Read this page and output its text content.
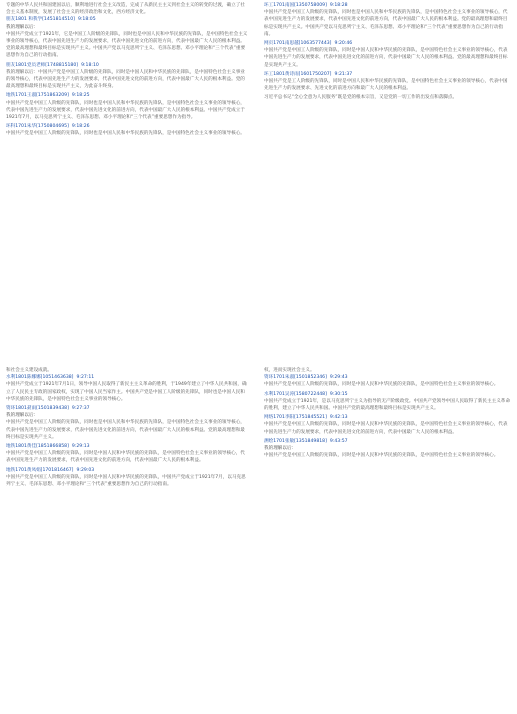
专题的中华人民共和国建国以后，顺利地进行社会主义改造，完成了从新民主主义到社会主义的转变的过渡，确立了社会主义基本制度，发展了社会主义的经济政治和文化，西方经济文化。
朋友1801 和我学[1451814510] 9:18:05
我的理解以后：
中国共产党成立于1921年，它是中国工人阶级的先锋队，同时也是中国人民和中华民族的先锋队，是中国特色社会主义事业的领导核心，代表中国先进生产力的发展要求，代表中国先进文化的前进方向，代表中国最广大人民的根本利益。党的最高理想和最终目标是实现共产主义。中国共产党以马克思列宁主义、毛泽东思想、邓小平理论和“三个代表”重要思想作为自己的行动指南。
朋友1801党员老师[1748815180] 9:18:10
我的理解以后：中国共产党是中国工人阶级的先锋队，同时是中国人民和中华民族的先锋队，是中国特色社会主义事业的领导核心，代表中国先进生产力的发展要求，代表中国先进文化的前进方向，代表中国最广大人民的根本利益。党的最高理想和最终目标是实现共产主义，为此奋斗终身。
地铁1701王淑[1751863209] 9:18:25
中国共产党是中国工人阶级的先锋队，同时也是中国人民和中华民族的先锋队，是中国特色社会主义事业的领导核心，代表中国先进生产力的发展要求，代表中国先进文化的前进方向，代表中国最广大人民的根本利益。中国共产党成立于1921年7月，以马克思列宁主义、毛泽东思想、邓小平理论和“三个代表”重要思想作为指导。
环科1701朱华[1750804695] 9:18:26
中国共产党是中国工人阶级的先锋队，同时也是中国人民和中华民族的先锋队，是中国特色社会主义事业的领导核心。
环工1701南国[1350758009] 9:18:28
中国共产党是中国工人阶级的先锋队，同时也是中国人民和中华民族的先锋队，是中国特色社会主义事业的领导核心，代表中国先进生产力的发展要求，代表中国先进文化的前进方向，代表中国最广大人民的根本利益。党的最高理想和最终目标是实现共产主义。中国共产党以马克思列宁主义、毛泽东思想、邓小平理论和“三个代表”重要思想作为自己的行动指南。
网页1701南思越[1063577443] 9:20:46
中国共产党是中国工人阶级的先锋队，同时是中国人民和中华民族的先锋队，是中国特色社会主义事业的领导核心，代表中国先进生产力的发展要求，代表中国先进文化的前进方向，代表中国最广大人民的根本利益。党的最高理想和最终目标是实现共产主义。
环工1801黄诗雨[1601750207] 9:21:37
中国共产党是工人阶级的先锋队，同时是中国人民和中华民族的先锋队，是中国特色社会主义事业的领导核心，代表中国先进生产力的发展要求、先进文化的前进方向和最广大人民的根本利益。
习近平总书记“全心全意为人民服务”既是党的根本宗旨，又是党的一切工作的出发点和落脚点。
和社会主义建设成就。
水利1801陈娜娜[1051463638] 9:27:11
中国共产党成立于1921年7月1日，领导中国人民取得了新民主主义革命的胜利，于1949年建立了中华人民共和国，确立了人民民主专政的国家政权，实现了中国人民当家作主。中国共产党是中国工人阶级的先锋队，同时也是中国人民和中华民族的先锋队，是中国特色社会主义事业的领导核心。
资环1801聂雨[1501839438] 9:27:37
我的理解以后：
中国共产党是中国工人阶级的先锋队，同时也是中国人民和中华民族的先锋队，是中国特色社会主义事业的领导核心，代表中国先进生产力的发展要求，代表中国先进文化的前进方向，代表中国最广大人民的根本利益。党的最高理想和最终目标是实现共产主义。
地铁1801黄佳[1851866858] 9:29:13
中国共产党是中国工人阶级的先锋队，同时是中国人民和中华民族的先锋队，是中国特色社会主义事业的领导核心，代表中国先进生产力的发展要求，代表中国先进文化的前进方向，代表中国最广大人民的根本利益。
地铁1701黄凤娟[1701816467] 9:29:03
中国共产党是中国工人阶级的先锋队，同时是中国人民和中华民族的先锋队，中国共产党成立于1921年7月，以马克思列宁主义、毛泽东思想、邓小平理论和“三个代表”重要思想作为自己的行动指南。
权，进而实现社会主义。
资环1701朱淑[1501852346] 9:29:43
中国共产党是中国工人阶级的先锋队，同时是中国人民和中华民族的先锋队，是中国特色社会主义事业的领导核心。
水利1701吴涛[1580722448] 9:30:15
中国共产党成立于1921年，是以马克思列宁主义为指导的无产阶级政党。中国共产党领导中国人民取得了新民主主义革命的胜利，建立了中华人民共和国。中国共产党的最高理想和最终目标是实现共产主义。
网络1701李阳[1751845521] 9:42:13
中国共产党是中国工人阶级的先锋队，同时是中国人民和中华民族的先锋队，是中国特色社会主义事业的领导核心，代表中国先进生产力的发展要求，代表中国先进文化的前进方向，代表中国最广大人民的根本利益。
测绘1701张敏[1351849818] 9:43:57
我的理解以后：
中国共产党是中国工人阶级的先锋队，同时是中国人民和中华民族的先锋队，是中国特色社会主义事业的领导核心。
